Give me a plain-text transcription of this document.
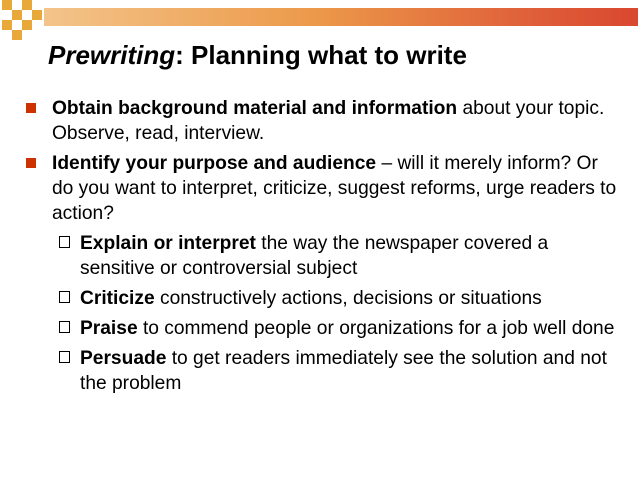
Prewriting: Planning what to write
Obtain background material and information about your topic. Observe, read, interview.
Identify your purpose and audience – will it merely inform? Or do you want to interpret, criticize, suggest reforms, urge readers to action?
Explain or interpret the way the newspaper covered a sensitive or controversial subject
Criticize constructively actions, decisions or situations
Praise to commend people or organizations for a job well done
Persuade to get readers immediately see the solution and not the problem
